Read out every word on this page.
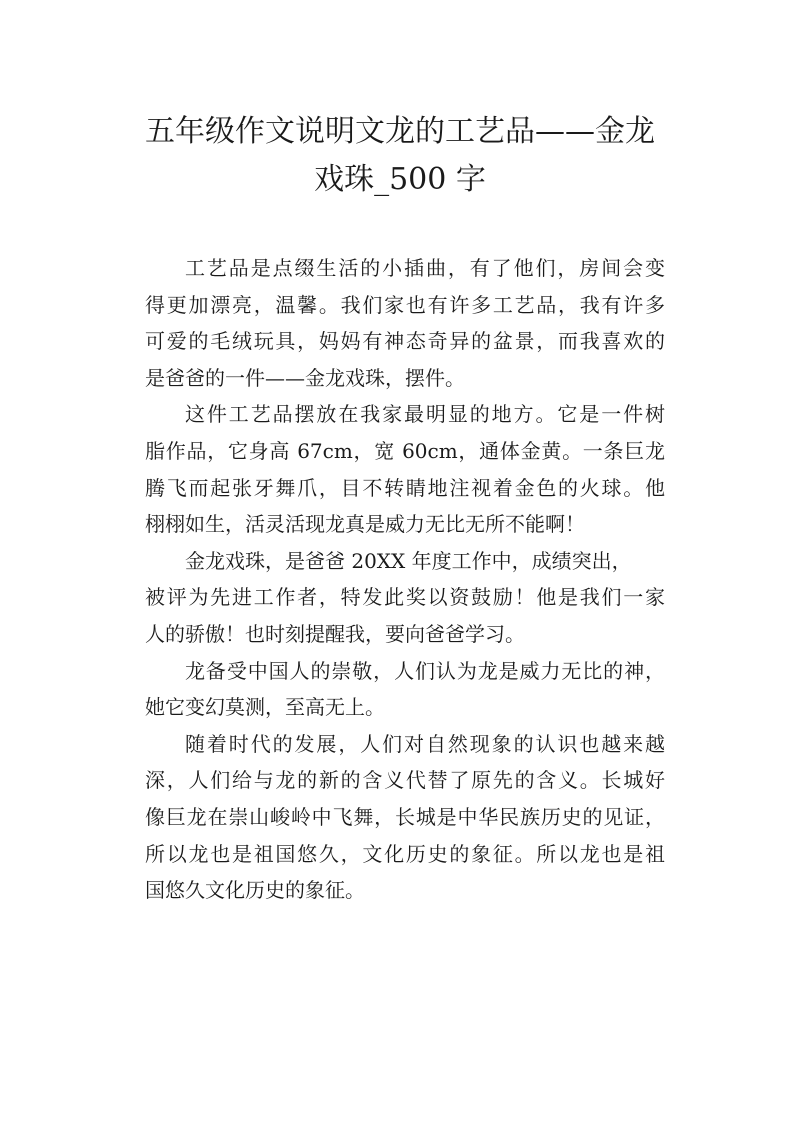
五年级作文说明文龙的工艺品——金龙
戏珠_500 字
工艺品是点缀生活的小插曲，有了他们，房间会变
得更加漂亮，温馨。我们家也有许多工艺品，我有许多
可爱的毛绒玩具，妈妈有神态奇异的盆景，而我喜欢的
是爸爸的一件——金龙戏珠，摆件。
这件工艺品摆放在我家最明显的地方。它是一件树
脂作品，它身高 67cm，宽 60cm，通体金黄。一条巨龙
腾飞而起张牙舞爪，目不转睛地注视着金色的火球。他
栩栩如生，活灵活现龙真是威力无比无所不能啊！
金龙戏珠，是爸爸 20XX 年度工作中，成绩突出，
被评为先进工作者，特发此奖以资鼓励！他是我们一家
人的骄傲！也时刻提醒我，要向爸爸学习。
龙备受中国人的崇敬，人们认为龙是威力无比的神，
她它变幻莫测，至高无上。
随着时代的发展，人们对自然现象的认识也越来越
深，人们给与龙的新的含义代替了原先的含义。长城好
像巨龙在崇山峻岭中飞舞，长城是中华民族历史的见证，
所以龙也是祖国悠久，文化历史的象征。所以龙也是祖
国悠久文化历史的象征。
